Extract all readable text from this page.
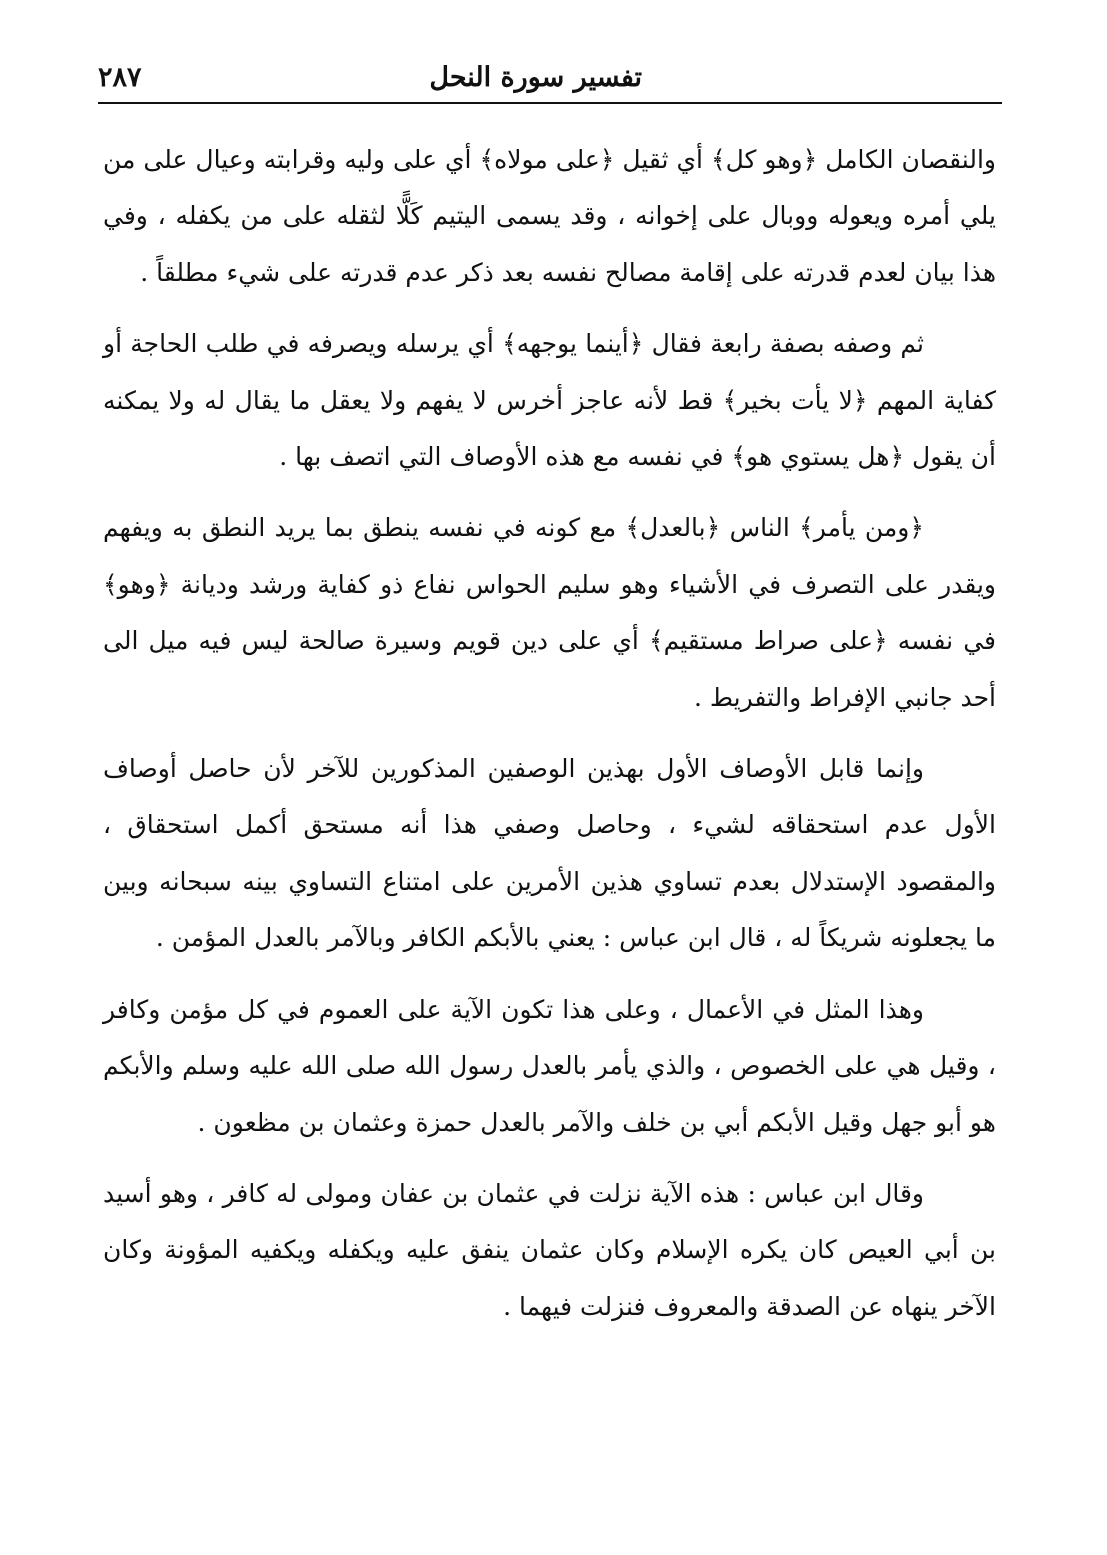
تفسير سورة النحل
٢٨٧

والنقصان الكامل ﴿وهو كل﴾ أي ثقيل ﴿على مولاه﴾ أي على وليه وقرابته وعيال على من يلي أمره ويعوله ووبال على إخوانه ، وقد يسمى اليتيم كَلًّا لثقله على من يكفله ، وفي هذا بيان لعدم قدرته على إقامة مصالح نفسه بعد ذكر عدم قدرته على شيء مطلقاً .

ثم وصفه بصفة رابعة فقال ﴿أينما يوجهه﴾ أي يرسله ويصرفه في طلب الحاجة أو كفاية المهم ﴿لا يأت بخير﴾ قط لأنه عاجز أخرس لا يفهم ولا يعقل ما يقال له ولا يمكنه أن يقول ﴿هل يستوي هو﴾ في نفسه مع هذه الأوصاف التي اتصف بها .

﴿ومن يأمر﴾ الناس ﴿بالعدل﴾ مع كونه في نفسه ينطق بما يريد النطق به ويفهم ويقدر على التصرف في الأشياء وهو سليم الحواس نفاع ذو كفاية ورشد وديانة ﴿وهو﴾ في نفسه ﴿على صراط مستقيم﴾ أي على دين قويم وسيرة صالحة ليس فيه ميل الى أحد جانبي الإفراط والتفريط .

وإنما قابل الأوصاف الأول بهذين الوصفين المذكورين للآخر لأن حاصل أوصاف الأول عدم استحقاقه لشيء ، وحاصل وصفي هذا أنه مستحق أكمل استحقاق ، والمقصود الإستدلال بعدم تساوي هذين الأمرين على امتناع التساوي بينه سبحانه وبين ما يجعلونه شريكاً له ، قال ابن عباس : يعني بالأبكم الكافر وبالآمر بالعدل المؤمن .

وهذا المثل في الأعمال ، وعلى هذا تكون الآية على العموم في كل مؤمن وكافر ، وقيل هي على الخصوص ، والذي يأمر بالعدل رسول الله صلى الله عليه وسلم والأبكم هو أبو جهل وقيل الأبكم أبي بن خلف والآمر بالعدل حمزة وعثمان بن مظعون .

وقال ابن عباس : هذه الآية نزلت في عثمان بن عفان ومولى له كافر ، وهو أسيد بن أبي العيص كان يكره الإسلام وكان عثمان ينفق عليه ويكفله ويكفيه المؤونة وكان الآخر ينهاه عن الصدقة والمعروف فنزلت فيهما .
